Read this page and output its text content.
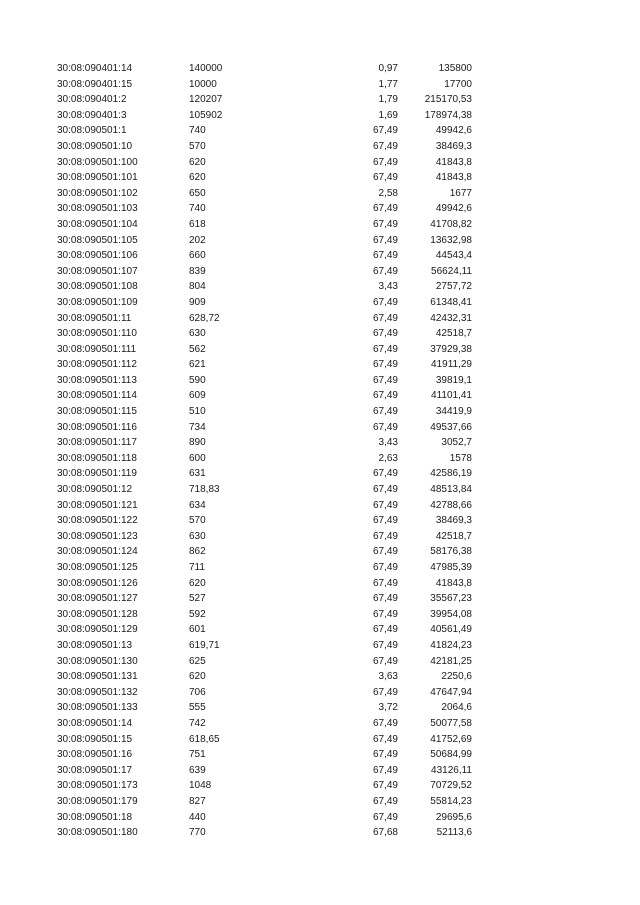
30:08:090401:14	140000	0,97	135800
30:08:090401:15	10000	1,77	17700
30:08:090401:2	120207	1,79	215170,53
30:08:090401:3	105902	1,69	178974,38
30:08:090501:1	740	67,49	49942,6
30:08:090501:10	570	67,49	38469,3
30:08:090501:100	620	67,49	41843,8
30:08:090501:101	620	67,49	41843,8
30:08:090501:102	650	2,58	1677
30:08:090501:103	740	67,49	49942,6
30:08:090501:104	618	67,49	41708,82
30:08:090501:105	202	67,49	13632,98
30:08:090501:106	660	67,49	44543,4
30:08:090501:107	839	67,49	56624,11
30:08:090501:108	804	3,43	2757,72
30:08:090501:109	909	67,49	61348,41
30:08:090501:11	628,72	67,49	42432,31
30:08:090501:110	630	67,49	42518,7
30:08:090501:111	562	67,49	37929,38
30:08:090501:112	621	67,49	41911,29
30:08:090501:113	590	67,49	39819,1
30:08:090501:114	609	67,49	41101,41
30:08:090501:115	510	67,49	34419,9
30:08:090501:116	734	67,49	49537,66
30:08:090501:117	890	3,43	3052,7
30:08:090501:118	600	2,63	1578
30:08:090501:119	631	67,49	42586,19
30:08:090501:12	718,83	67,49	48513,84
30:08:090501:121	634	67,49	42788,66
30:08:090501:122	570	67,49	38469,3
30:08:090501:123	630	67,49	42518,7
30:08:090501:124	862	67,49	58176,38
30:08:090501:125	711	67,49	47985,39
30:08:090501:126	620	67,49	41843,8
30:08:090501:127	527	67,49	35567,23
30:08:090501:128	592	67,49	39954,08
30:08:090501:129	601	67,49	40561,49
30:08:090501:13	619,71	67,49	41824,23
30:08:090501:130	625	67,49	42181,25
30:08:090501:131	620	3,63	2250,6
30:08:090501:132	706	67,49	47647,94
30:08:090501:133	555	3,72	2064,6
30:08:090501:14	742	67,49	50077,58
30:08:090501:15	618,65	67,49	41752,69
30:08:090501:16	751	67,49	50684,99
30:08:090501:17	639	67,49	43126,11
30:08:090501:173	1048	67,49	70729,52
30:08:090501:179	827	67,49	55814,23
30:08:090501:18	440	67,49	29695,6
30:08:090501:180	770	67,68	52113,6
